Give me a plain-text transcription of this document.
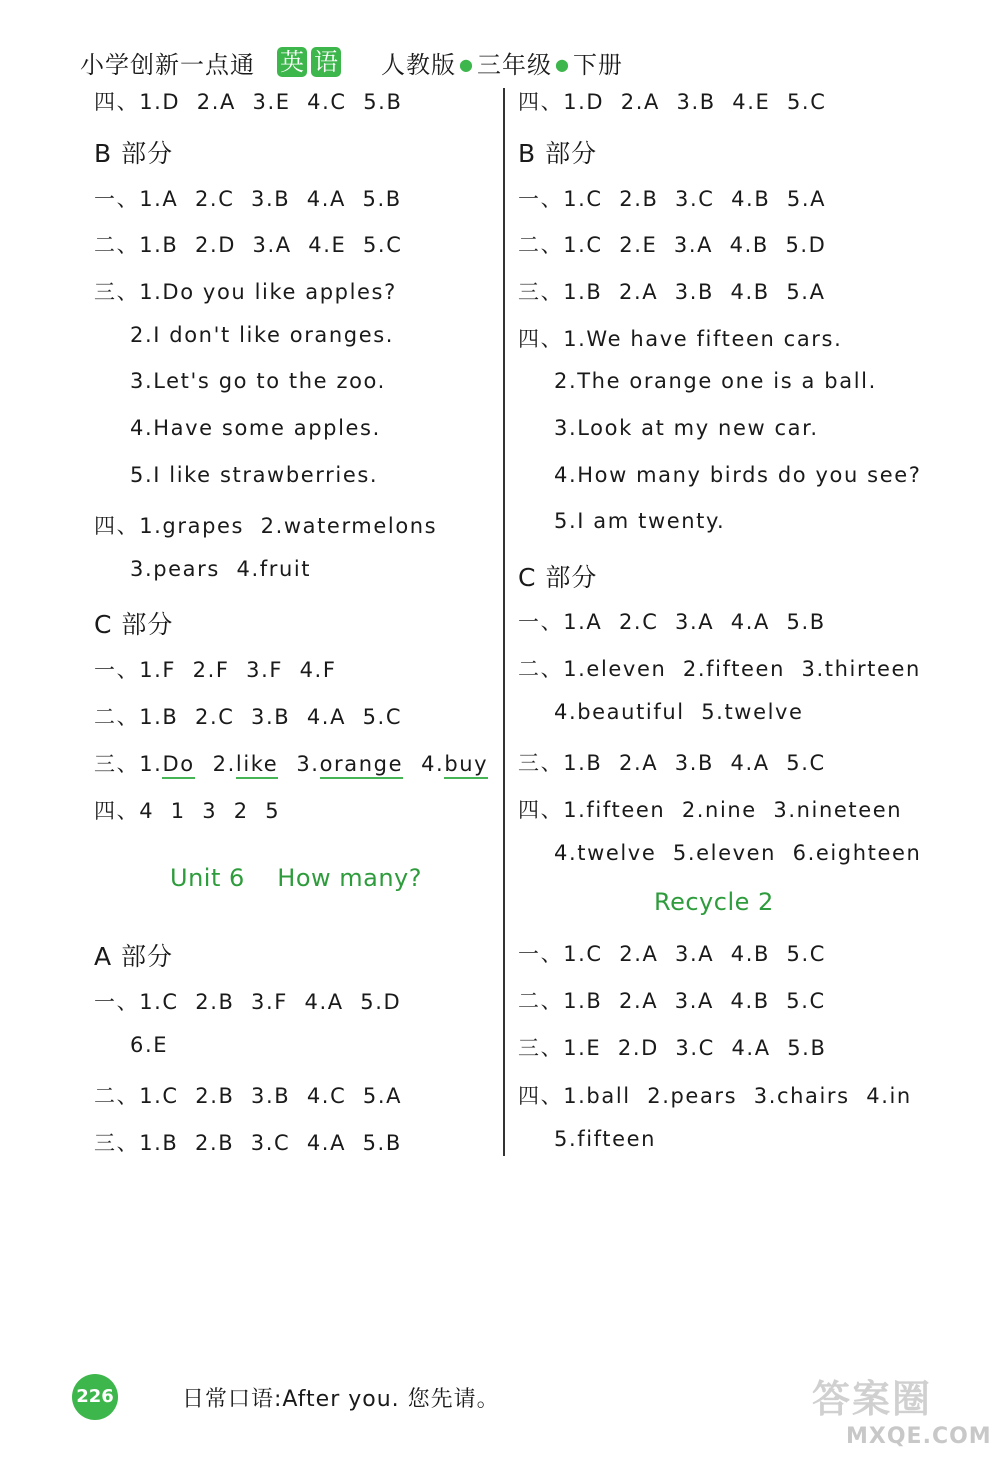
小学创新一点通 英 语 人教版 ● 三年级 ● 下册
四、1.D  2.A  3.E  4.C  5.B
B 部分
一、1.A  2.C  3.B  4.A  5.B
二、1.B  2.D  3.A  4.E  5.C
三、1.Do you like apples?
2.I don't like oranges.
3.Let's go to the zoo.
4.Have some apples.
5.I like strawberries.
四、1.grapes  2.watermelons
3.pears  4.fruit
C 部分
一、1.F  2.F  3.F  4.F
二、1.B  2.C  3.B  4.A  5.C
三、1.Do 2.like 3.orange 4.buy
四、4  1  3  2  5
Unit 6    How many?
A 部分
一、1.C  2.B  3.F  4.A  5.D
6.E
二、1.C  2.B  3.B  4.C  5.A
三、1.B  2.B  3.C  4.A  5.B
四、1.D  2.A  3.B  4.E  5.C
B 部分
一、1.C  2.B  3.C  4.B  5.A
二、1.C  2.E  3.A  4.B  5.D
三、1.B  2.A  3.B  4.B  5.A
四、1.We have fifteen cars.
2.The orange one is a ball.
3.Look at my new car.
4.How many birds do you see?
5.I am twenty.
C 部分
一、1.A  2.C  3.A  4.A  5.B
二、1.eleven  2.fifteen  3.thirteen
4.beautiful  5.twelve
三、1.B  2.A  3.B  4.A  5.C
四、1.fifteen  2.nine  3.nineteen
4.twelve  5.eleven  6.eighteen
Recycle 2
一、1.C  2.A  3.A  4.B  5.C
二、1.B  2.A  3.A  4.B  5.C
三、1.E  2.D  3.C  4.A  5.B
四、1.ball  2.pears  3.chairs  4.in
5.fifteen
226	日常口语:After you. 您先请。	答案圈
MXQE.COM
